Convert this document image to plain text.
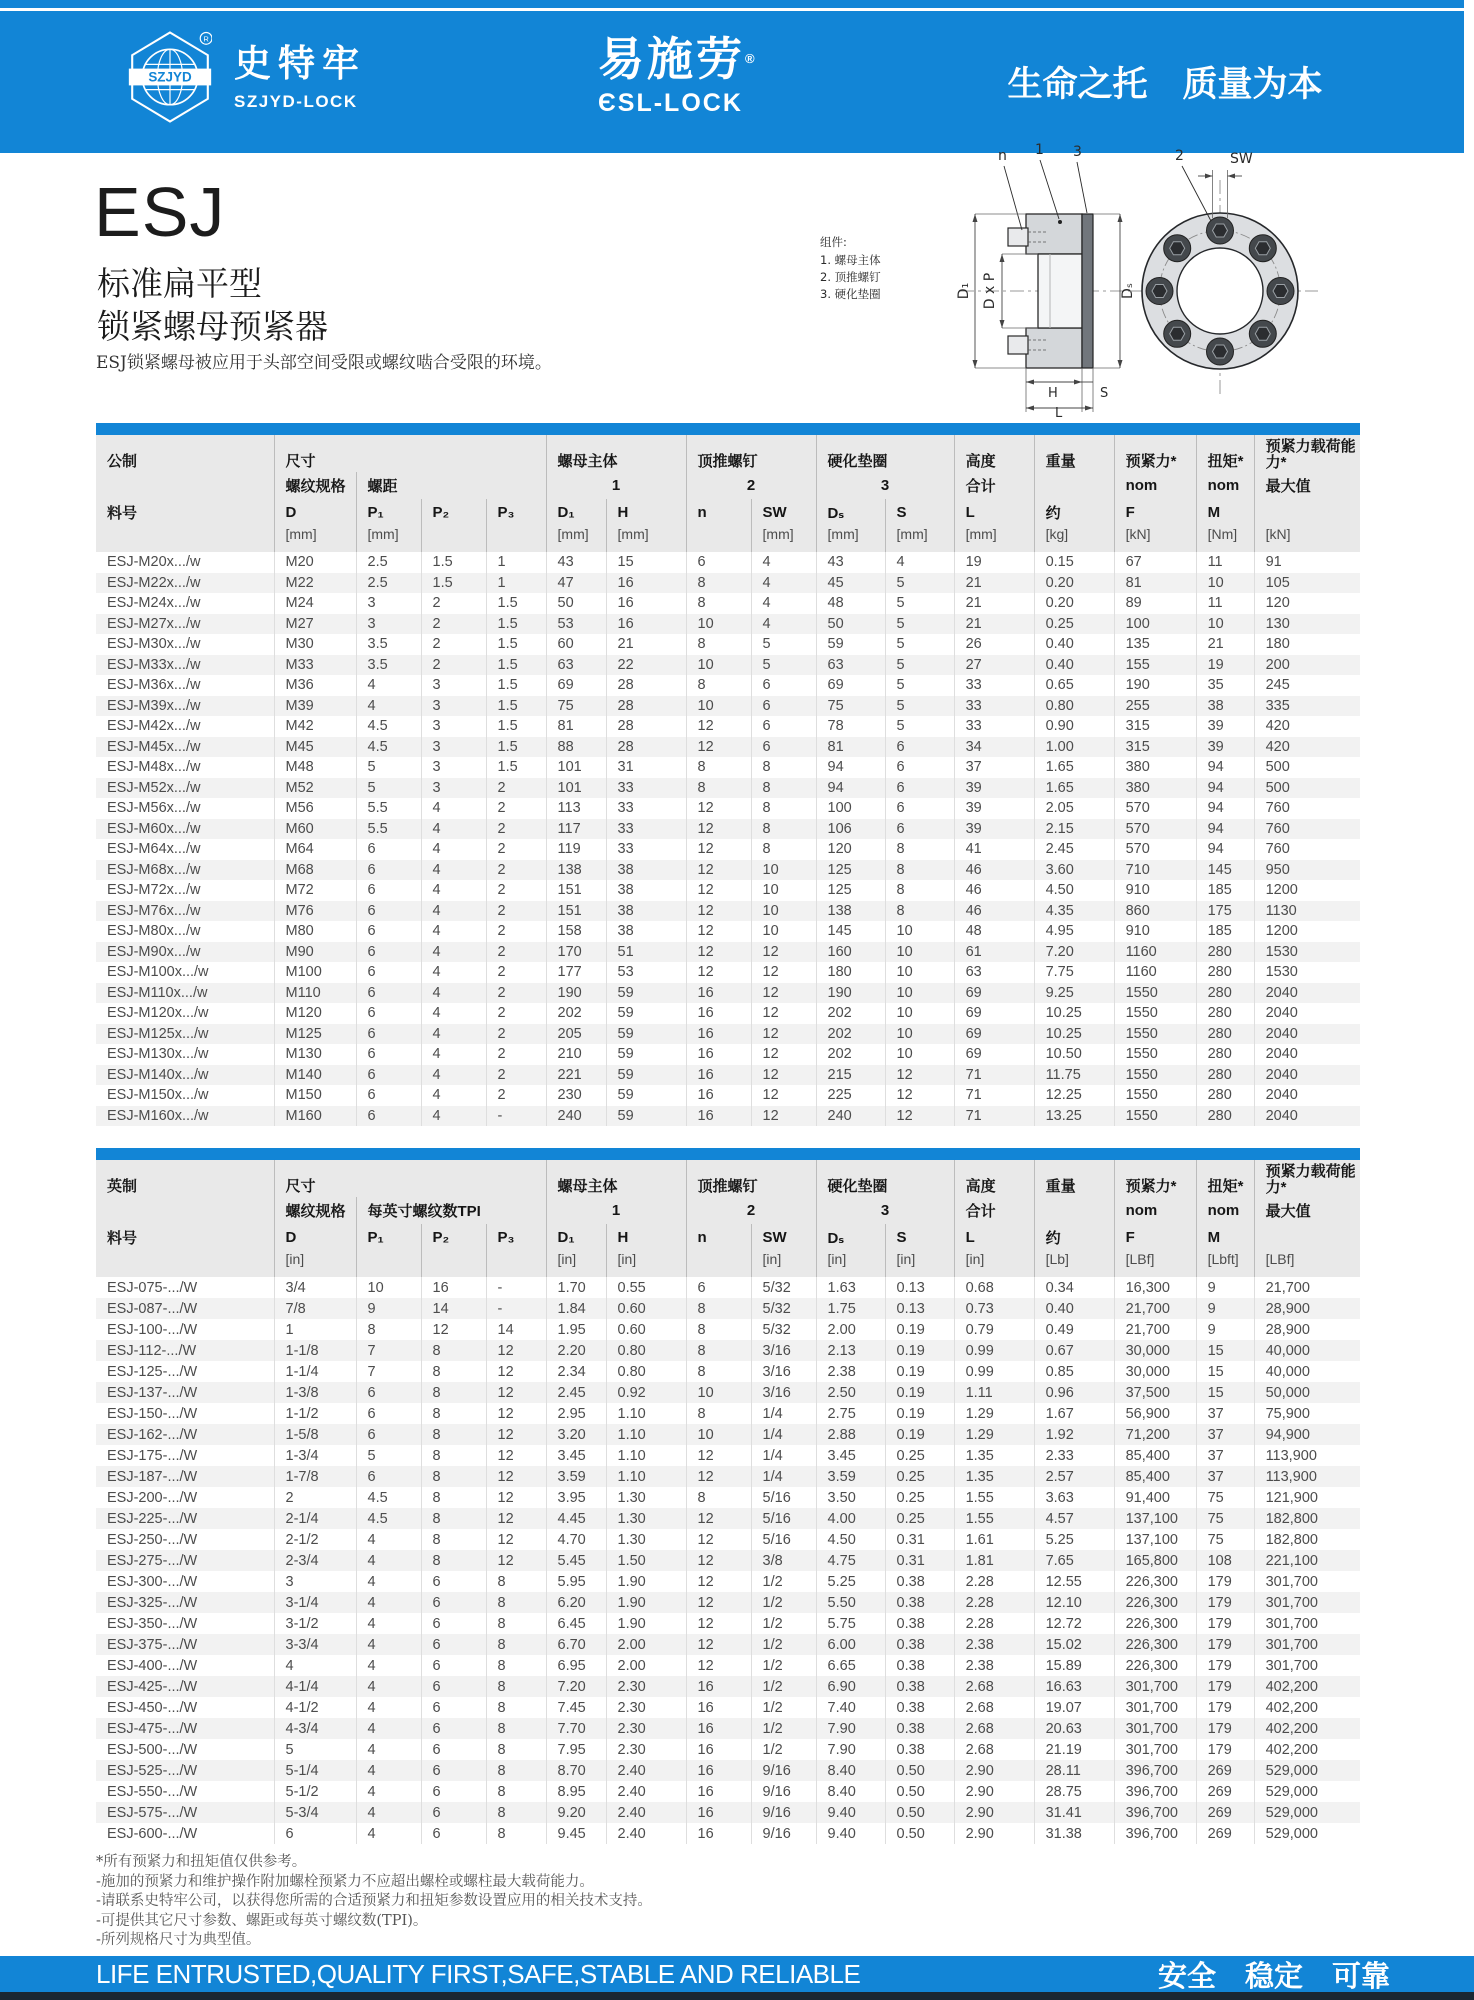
SZJYD
R
史特牢
SZJYD-LOCK
易施劳®
ЄSL-LOCK	生命之托　质量为本
ESJ
标准扁平型
锁紧螺母预紧器
ESJ锁紧螺母被应用于头部空间受限或螺纹啮合受限的环境。
组件:
1. 螺母主体
2. 顶推螺钉
3. 硬化垫圈
n 1 3
D₁ D x P	Dₛ
H	S
L
2	SW
公制	尺寸				螺母主体		顶推螺钉		硬化垫圈		高度	重量	预紧力*	扭矩*	预紧力载荷能力*
	螺纹规格	螺距			1		2		3		合计		nom	nom	最大值
料号	D	P₁	P₂	P₃	D₁	H	n	SW	Dₛ	S	L	约	F	M	
	[mm]	[mm]			[mm]	[mm]		[mm]	[mm]	[mm]	[mm]	[kg]	[kN]	[Nm]	[kN]
ESJ-M20x.../w	M20	2.5	1.5	1	43	15	6	4	43	4	19	0.15	67	11	91
ESJ-M22x.../w	M22	2.5	1.5	1	47	16	8	4	45	5	21	0.20	81	10	105
ESJ-M24x.../w	M24	3	2	1.5	50	16	8	4	48	5	21	0.20	89	11	120
ESJ-M27x.../w	M27	3	2	1.5	53	16	10	4	50	5	21	0.25	100	10	130
ESJ-M30x.../w	M30	3.5	2	1.5	60	21	8	5	59	5	26	0.40	135	21	180
ESJ-M33x.../w	M33	3.5	2	1.5	63	22	10	5	63	5	27	0.40	155	19	200
ESJ-M36x.../w	M36	4	3	1.5	69	28	8	6	69	5	33	0.65	190	35	245
ESJ-M39x.../w	M39	4	3	1.5	75	28	10	6	75	5	33	0.80	255	38	335
ESJ-M42x.../w	M42	4.5	3	1.5	81	28	12	6	78	5	33	0.90	315	39	420
ESJ-M45x.../w	M45	4.5	3	1.5	88	28	12	6	81	6	34	1.00	315	39	420
ESJ-M48x.../w	M48	5	3	1.5	101	31	8	8	94	6	37	1.65	380	94	500
ESJ-M52x.../w	M52	5	3	2	101	33	8	8	94	6	39	1.65	380	94	500
ESJ-M56x.../w	M56	5.5	4	2	113	33	12	8	100	6	39	2.05	570	94	760
ESJ-M60x.../w	M60	5.5	4	2	117	33	12	8	106	6	39	2.15	570	94	760
ESJ-M64x.../w	M64	6	4	2	119	33	12	8	120	8	41	2.45	570	94	760
ESJ-M68x.../w	M68	6	4	2	138	38	12	10	125	8	46	3.60	710	145	950
ESJ-M72x.../w	M72	6	4	2	151	38	12	10	125	8	46	4.50	910	185	1200
ESJ-M76x.../w	M76	6	4	2	151	38	12	10	138	8	46	4.35	860	175	1130
ESJ-M80x.../w	M80	6	4	2	158	38	12	10	145	10	48	4.95	910	185	1200
ESJ-M90x.../w	M90	6	4	2	170	51	12	12	160	10	61	7.20	1160	280	1530
ESJ-M100x.../w	M100	6	4	2	177	53	12	12	180	10	63	7.75	1160	280	1530
ESJ-M110x.../w	M110	6	4	2	190	59	16	12	190	10	69	9.25	1550	280	2040
ESJ-M120x.../w	M120	6	4	2	202	59	16	12	202	10	69	10.25	1550	280	2040
ESJ-M125x.../w	M125	6	4	2	205	59	16	12	202	10	69	10.25	1550	280	2040
ESJ-M130x.../w	M130	6	4	2	210	59	16	12	202	10	69	10.50	1550	280	2040
ESJ-M140x.../w	M140	6	4	2	221	59	16	12	215	12	71	11.75	1550	280	2040
ESJ-M150x.../w	M150	6	4	2	230	59	16	12	225	12	71	12.25	1550	280	2040
ESJ-M160x.../w	M160	6	4	-	240	59	16	12	240	12	71	13.25	1550	280	2040
英制	尺寸				螺母主体		顶推螺钉		硬化垫圈		高度	重量	预紧力*	扭矩*	预紧力载荷能力*
	螺纹规格	每英寸螺纹数TPI			1		2		3		合计		nom	nom	最大值
料号	D	P₁	P₂	P₃	D₁	H	n	SW	Dₛ	S	L	约	F	M	
	[in]				[in]	[in]		[in]	[in]	[in]	[in]	[Lb]	[LBf]	[Lbft]	[LBf]
ESJ-075-.../W	3/4	10	16	-	1.70	0.55	6	5/32	1.63	0.13	0.68	0.34	16,300	9	21,700
ESJ-087-.../W	7/8	9	14	-	1.84	0.60	8	5/32	1.75	0.13	0.73	0.40	21,700	9	28,900
ESJ-100-.../W	1	8	12	14	1.95	0.60	8	5/32	2.00	0.19	0.79	0.49	21,700	9	28,900
ESJ-112-.../W	1-1/8	7	8	12	2.20	0.80	8	3/16	2.13	0.19	0.99	0.67	30,000	15	40,000
ESJ-125-.../W	1-1/4	7	8	12	2.34	0.80	8	3/16	2.38	0.19	0.99	0.85	30,000	15	40,000
ESJ-137-.../W	1-3/8	6	8	12	2.45	0.92	10	3/16	2.50	0.19	1.11	0.96	37,500	15	50,000
ESJ-150-.../W	1-1/2	6	8	12	2.95	1.10	8	1/4	2.75	0.19	1.29	1.67	56,900	37	75,900
ESJ-162-.../W	1-5/8	6	8	12	3.20	1.10	10	1/4	2.88	0.19	1.29	1.92	71,200	37	94,900
ESJ-175-.../W	1-3/4	5	8	12	3.45	1.10	12	1/4	3.45	0.25	1.35	2.33	85,400	37	113,900
ESJ-187-.../W	1-7/8	6	8	12	3.59	1.10	12	1/4	3.59	0.25	1.35	2.57	85,400	37	113,900
ESJ-200-.../W	2	4.5	8	12	3.95	1.30	8	5/16	3.50	0.25	1.55	3.63	91,400	75	121,900
ESJ-225-.../W	2-1/4	4.5	8	12	4.45	1.30	12	5/16	4.00	0.25	1.55	4.57	137,100	75	182,800
ESJ-250-.../W	2-1/2	4	8	12	4.70	1.30	12	5/16	4.50	0.31	1.61	5.25	137,100	75	182,800
ESJ-275-.../W	2-3/4	4	8	12	5.45	1.50	12	3/8	4.75	0.31	1.81	7.65	165,800	108	221,100
ESJ-300-.../W	3	4	6	8	5.95	1.90	12	1/2	5.25	0.38	2.28	12.55	226,300	179	301,700
ESJ-325-.../W	3-1/4	4	6	8	6.20	1.90	12	1/2	5.50	0.38	2.28	12.10	226,300	179	301,700
ESJ-350-.../W	3-1/2	4	6	8	6.45	1.90	12	1/2	5.75	0.38	2.28	12.72	226,300	179	301,700
ESJ-375-.../W	3-3/4	4	6	8	6.70	2.00	12	1/2	6.00	0.38	2.38	15.02	226,300	179	301,700
ESJ-400-.../W	4	4	6	8	6.95	2.00	12	1/2	6.65	0.38	2.38	15.89	226,300	179	301,700
ESJ-425-.../W	4-1/4	4	6	8	7.20	2.30	16	1/2	6.90	0.38	2.68	16.63	301,700	179	402,200
ESJ-450-.../W	4-1/2	4	6	8	7.45	2.30	16	1/2	7.40	0.38	2.68	19.07	301,700	179	402,200
ESJ-475-.../W	4-3/4	4	6	8	7.70	2.30	16	1/2	7.90	0.38	2.68	20.63	301,700	179	402,200
ESJ-500-.../W	5	4	6	8	7.95	2.30	16	1/2	7.90	0.38	2.68	21.19	301,700	179	402,200
ESJ-525-.../W	5-1/4	4	6	8	8.70	2.40	16	9/16	8.40	0.50	2.90	28.11	396,700	269	529,000
ESJ-550-.../W	5-1/2	4	6	8	8.95	2.40	16	9/16	8.40	0.50	2.90	28.75	396,700	269	529,000
ESJ-575-.../W	5-3/4	4	6	8	9.20	2.40	16	9/16	9.40	0.50	2.90	31.41	396,700	269	529,000
ESJ-600-.../W	6	4	6	8	9.45	2.40	16	9/16	9.40	0.50	2.90	31.38	396,700	269	529,000
*所有预紧力和扭矩值仅供参考。
-施加的预紧力和维护操作附加螺栓预紧力不应超出螺栓或螺柱最大载荷能力。
-请联系史特牢公司，以获得您所需的合适预紧力和扭矩参数设置应用的相关技术支持。
-可提供其它尺寸参数、螺距或每英寸螺纹数(TPI)。
-所列规格尺寸为典型值。
LIFE ENTRUSTED,QUALITY FIRST,SAFE,STABLE AND RELIABLE	安全　稳定　可靠
